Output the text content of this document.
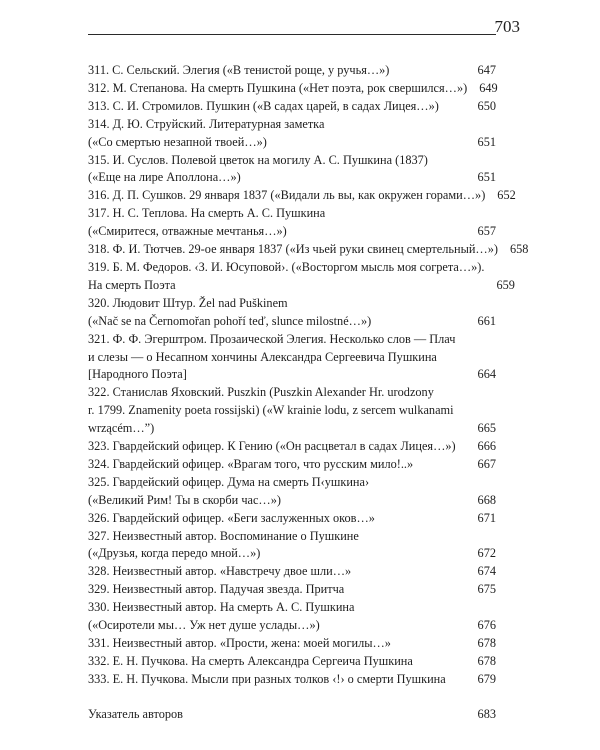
703
311. С. Сельский. Элегия («В тенистой роще, у ручья…»)	647
312. М. Степанова. На смерть Пушкина («Нет поэта, рок свершился…») 649
313. С. И. Стромилов. Пушкин («В садах царей, в садах Лицея…»)	650
314. Д. Ю. Струйский. Литературная заметка
(«Со смертью незапной твоей…»)	651
315. И. Суслов. Полевой цветок на могилу А. С. Пушкина (1837)
(«Еще на лире Аполлона…»)	651
316. Д. П. Сушков. 29 января 1837 («Видали ль вы, как окружен горами…») 652
317. Н. С. Теплова. На смерть А. С. Пушкина
(«Смиритеся, отважные мечтанья…»)	657
318. Ф. И. Тютчев. 29-ое января 1837 («Из чьей руки свинец смертельный…») 658
319. Б. М. Федоров. ‹З. И. Юсуповой›. («Восторгом мысль моя согрета…»).
На смерть Поэта	659
320. Людовит Штур. Žel nad Puškinem
(«Nač se na Černomořan pohoří teď, slunce milostné…»)	661
321. Ф. Ф. Эгерштром. Прозаической Элегия. Несколько слов — Плач
и слезы — о Несапном хончины Александра Сергеевича Пушкина
[Народного Поэта]	664
322. Станислав Яховский. Puszkin (Puszkin Alexander Hr. urodzony
r. 1799. Znamenity poeta rossijski) («W krainie lodu, z sercem wulkanami
wrzącém…”)	665
323. Гвардейский офицер. К Гению («Он расцветал в садах Лицея…»)	666
324. Гвардейский офицер. «Врагам того, что русским мило!..»	667
325. Гвардейский офицер. Дума на смерть П‹ушкина›
(«Великий Рим! Ты в скорби час…»)	668
326. Гвардейский офицер. «Беги заслуженных оков…»	671
327. Неизвестный автор. Воспоминание о Пушкине
(«Друзья, когда передо мной…»)	672
328. Неизвестный автор. «Навстречу двое шли…»	674
329. Неизвестный автор. Падучая звезда. Притча	675
330. Неизвестный автор. На смерть А. С. Пушкина
(«Осиротели мы… Уж нет душе услады…»)	676
331. Неизвестный автор. «Прости, жена: моей могилы…»	678
332. Е. Н. Пучкова. На смерть Александра Сергеича Пушкина	678
333. Е. Н. Пучкова. Мысли при разных толков ‹!› о смерти Пушкина	679
Указатель авторов	683
